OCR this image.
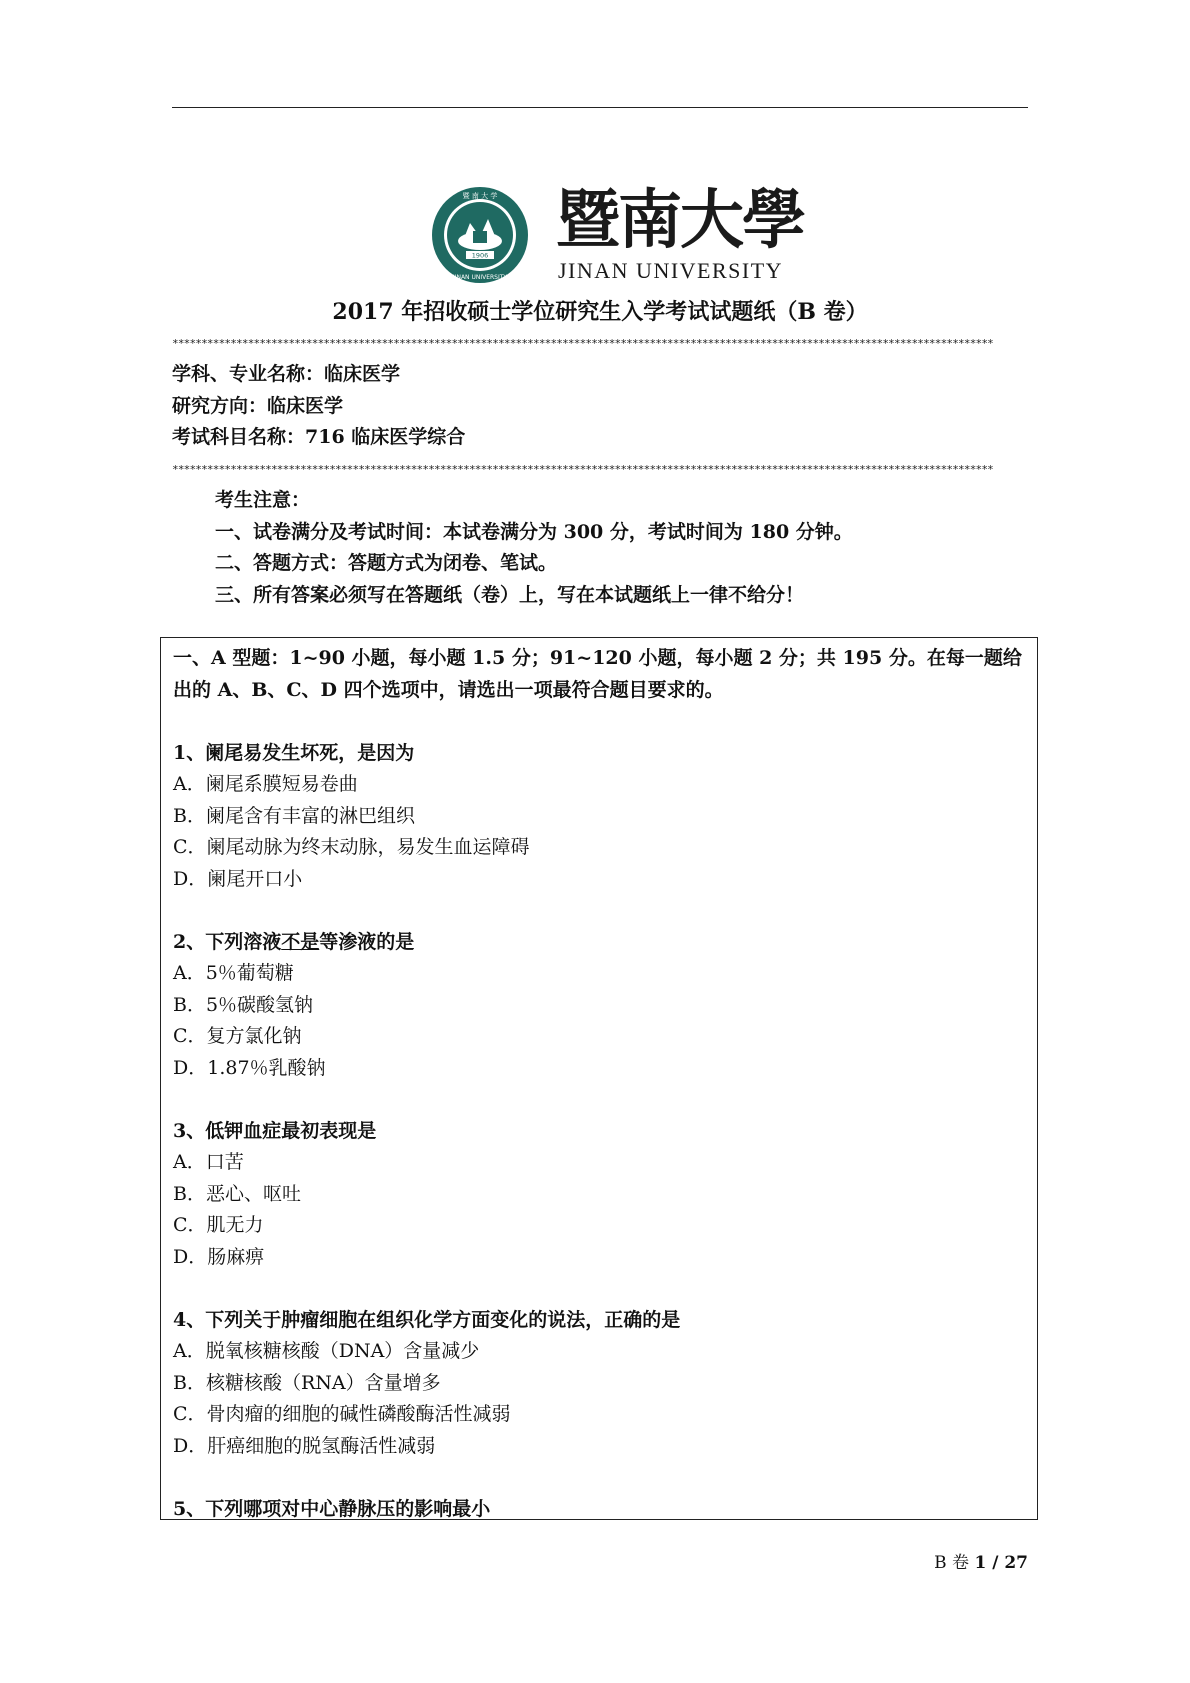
1906
暨 南 大 学
JINAN UNIVERSITY
暨南大學
JINAN UNIVERSITY
2017 年招收硕士学位研究生入学考试试题纸（B 卷）
*********************************************************************************************************************************************
学科、专业名称：临床医学
研究方向：临床医学
考试科目名称：716 临床医学综合
*********************************************************************************************************************************************
考生注意：
一、试卷满分及考试时间：本试卷满分为 300 分，考试时间为 180 分钟。
二、答题方式：答题方式为闭卷、笔试。
三、所有答案必须写在答题纸（卷）上，写在本试题纸上一律不给分！
一、A 型题：1~90 小题，每小题 1.5 分；91~120 小题，每小题 2 分；共 195 分。在每一题给出的 A、B、C、D 四个选项中，请选出一项最符合题目要求的。
1、阑尾易发生坏死，是因为
A．阑尾系膜短易卷曲
B．阑尾含有丰富的淋巴组织
C．阑尾动脉为终末动脉，易发生血运障碍
D．阑尾开口小
2、下列溶液不是等渗液的是
A．5％葡萄糖
B．5％碳酸氢钠
C．复方氯化钠
D．1.87％乳酸钠
3、低钾血症最初表现是
A．口苦
B．恶心、呕吐
C．肌无力
D．肠麻痹
4、下列关于肿瘤细胞在组织化学方面变化的说法，正确的是
A．脱氧核糖核酸（DNA）含量减少
B．核糖核酸（RNA）含量增多
C．骨肉瘤的细胞的碱性磷酸酶活性减弱
D．肝癌细胞的脱氢酶活性减弱
5、下列哪项对中心静脉压的影响最小
B 卷 1 / 27
